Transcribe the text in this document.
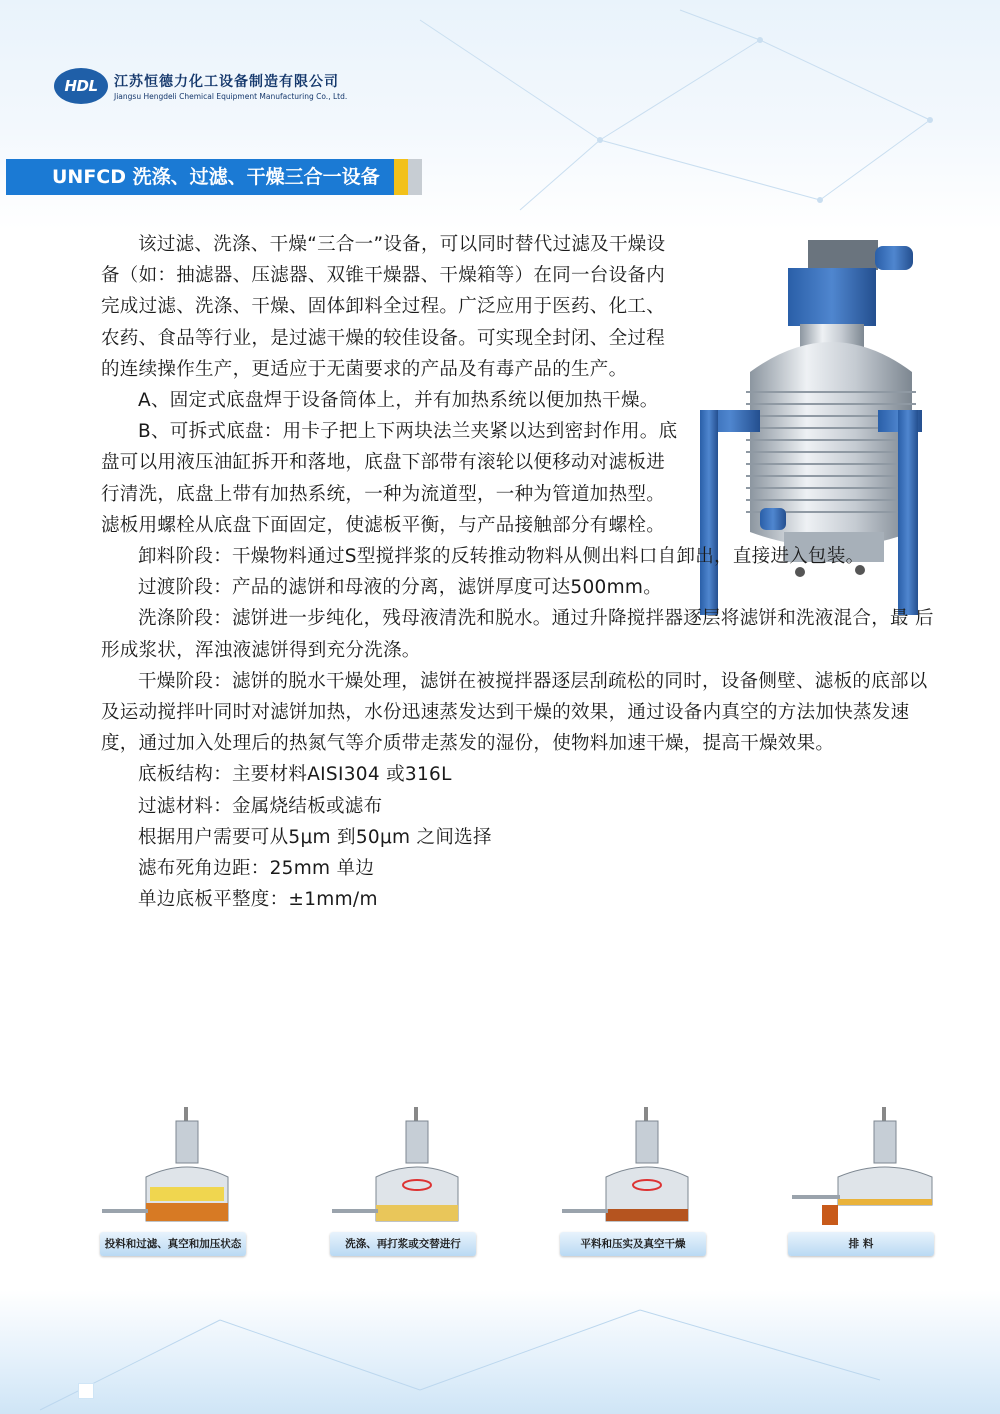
HDL	江苏恒德力化工设备制造有限公司
Jiangsu Hengdeli Chemical Equipment Manufacturing Co., Ltd.
UNFCD 洗涤、过滤、干燥三合一设备

该过滤、洗涤、干燥“三合一”设备，可以同时替代过滤及干燥设备（如：抽滤器、压滤器、双锥干燥器、干燥箱等）在同一台设备内完成过滤、洗涤、干燥、固体卸料全过程。广泛应用于医药、化工、农药、食品等行业，是过滤干燥的较佳设备。可实现全封闭、全过程的连续操作生产，更适应于无菌要求的产品及有毒产品的生产。

A、固定式底盘焊于设备筒体上，并有加热系统以便加热干燥。

B、可拆式底盘：用卡子把上下两块法兰夹紧以达到密封作用。底盘可以用液压油缸拆开和落地，底盘下部带有滚轮以便移动对滤板进行清洗，底盘上带有加热系统，一种为流道型，一种为管道加热型。滤板用螺栓从底盘下面固定，使滤板平衡，与产品接触部分有螺栓。

卸料阶段：干燥物料通过S型搅拌浆的反转推动物料从侧出料口自卸出，直接进入包装。

过渡阶段：产品的滤饼和母液的分离，滤饼厚度可达500mm。

洗涤阶段：滤饼进一步纯化，残母液清洗和脱水。通过升降搅拌器逐层将滤饼和洗液混合，最 后形成浆状，浑浊液滤饼得到充分洗涤。

干燥阶段：滤饼的脱水干燥处理，滤饼在被搅拌器逐层刮疏松的同时，设备侧壁、滤板的底部以及运动搅拌叶同时对滤饼加热，水份迅速蒸发达到干燥的效果，通过设备内真空的方法加快蒸发速度，通过加入处理后的热氮气等介质带走蒸发的湿份，使物料加速干燥，提高干燥效果。

底板结构：主要材料AISI304 或316L
过滤材料：金属烧结板或滤布
根据用户需要可从5μm 到50μm 之间选择
滤布死角边距：25mm 单边
单边底板平整度：±1mm/m
投料和过滤、真空和加压状态	洗涤、再打浆或交替进行	平料和压实及真空干燥	排 料
